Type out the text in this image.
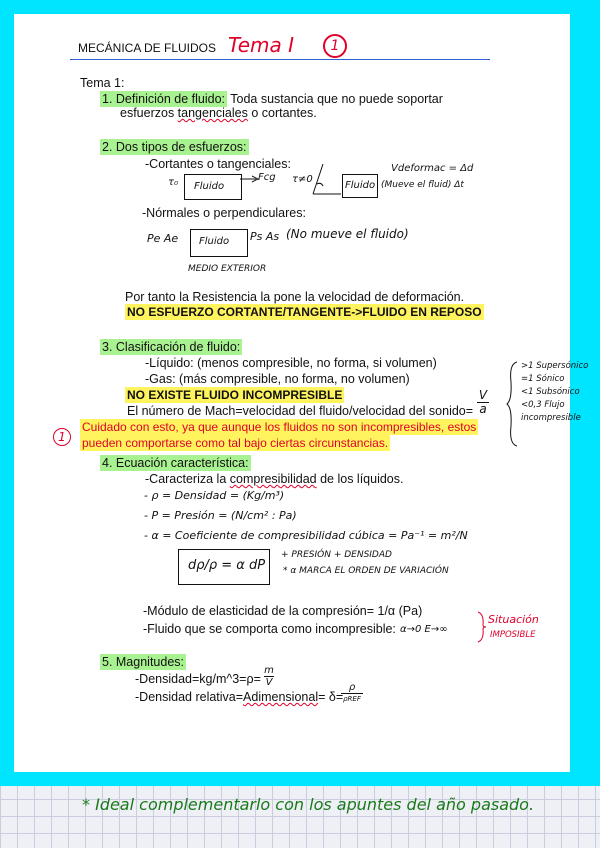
MECÁNICA DE FLUIDOS Tema I	1
Tema 1:
1. Definición de fluido: Toda sustancia que no puede soportar
esfuerzos tangenciales o cortantes.
2. Dos tipos de esfuerzos:
-Cortantes o tangenciales:
τ₀ Fluido
Fcg τ≠0
Fluido
Vdeformac = Δd
(Mueve el fluid) Δt
-Nórmales o perpendiculares:
Pe Ae Fluido Ps As (No mueve el fluido)
MEDIO EXTERIOR
Por tanto la Resistencia la pone la velocidad de deformación.
NO ESFUERZO CORTANTE/TANGENTE->FLUIDO EN REPOSO
3. Clasificación de fluido:
-Líquido: (menos compresible, no forma, si volumen)
-Gas: (más compresible, no forma, no volumen)
NO EXISTE FLUIDO INCOMPRESIBLE
El número de Mach=velocidad del fluido/velocidad del sonido= $\frac{V}{a}$
>1 Supersónico
=1 Sónico
<1 Subsónico
<0,3 Flujo
incompresible
1
Cuidado con esto, ya que aunque los fluidos no son incompresibles, estos
pueden comportarse como tal bajo ciertas circunstancias.
4. Ecuación característica:
-Caracteriza la compresibilidad de los líquidos.
- ρ = Densidad = (Kg/m³)
- P = Presión = (N/cm² : Pa)
- α = Coeficiente de compresibilidad cúbica = Pa⁻¹ = m²/N
dρ/ρ = α dP
+ PRESIÓN + DENSIDAD
* α MARCA EL ORDEN DE VARIACIÓN
-Módulo de elasticidad de la compresión= 1/α (Pa)
-Fluido que se comporta como incompresible: α→0 E→∞
Situación
IMPOSIBLE
5. Magnitudes:
-Densidad=kg/m^3=ρ= $\frac{m}{V}$
-Densidad relativa=Adimensional= δ=
ρ
ρREF
* Ideal complementarlo con los apuntes del año pasado.
